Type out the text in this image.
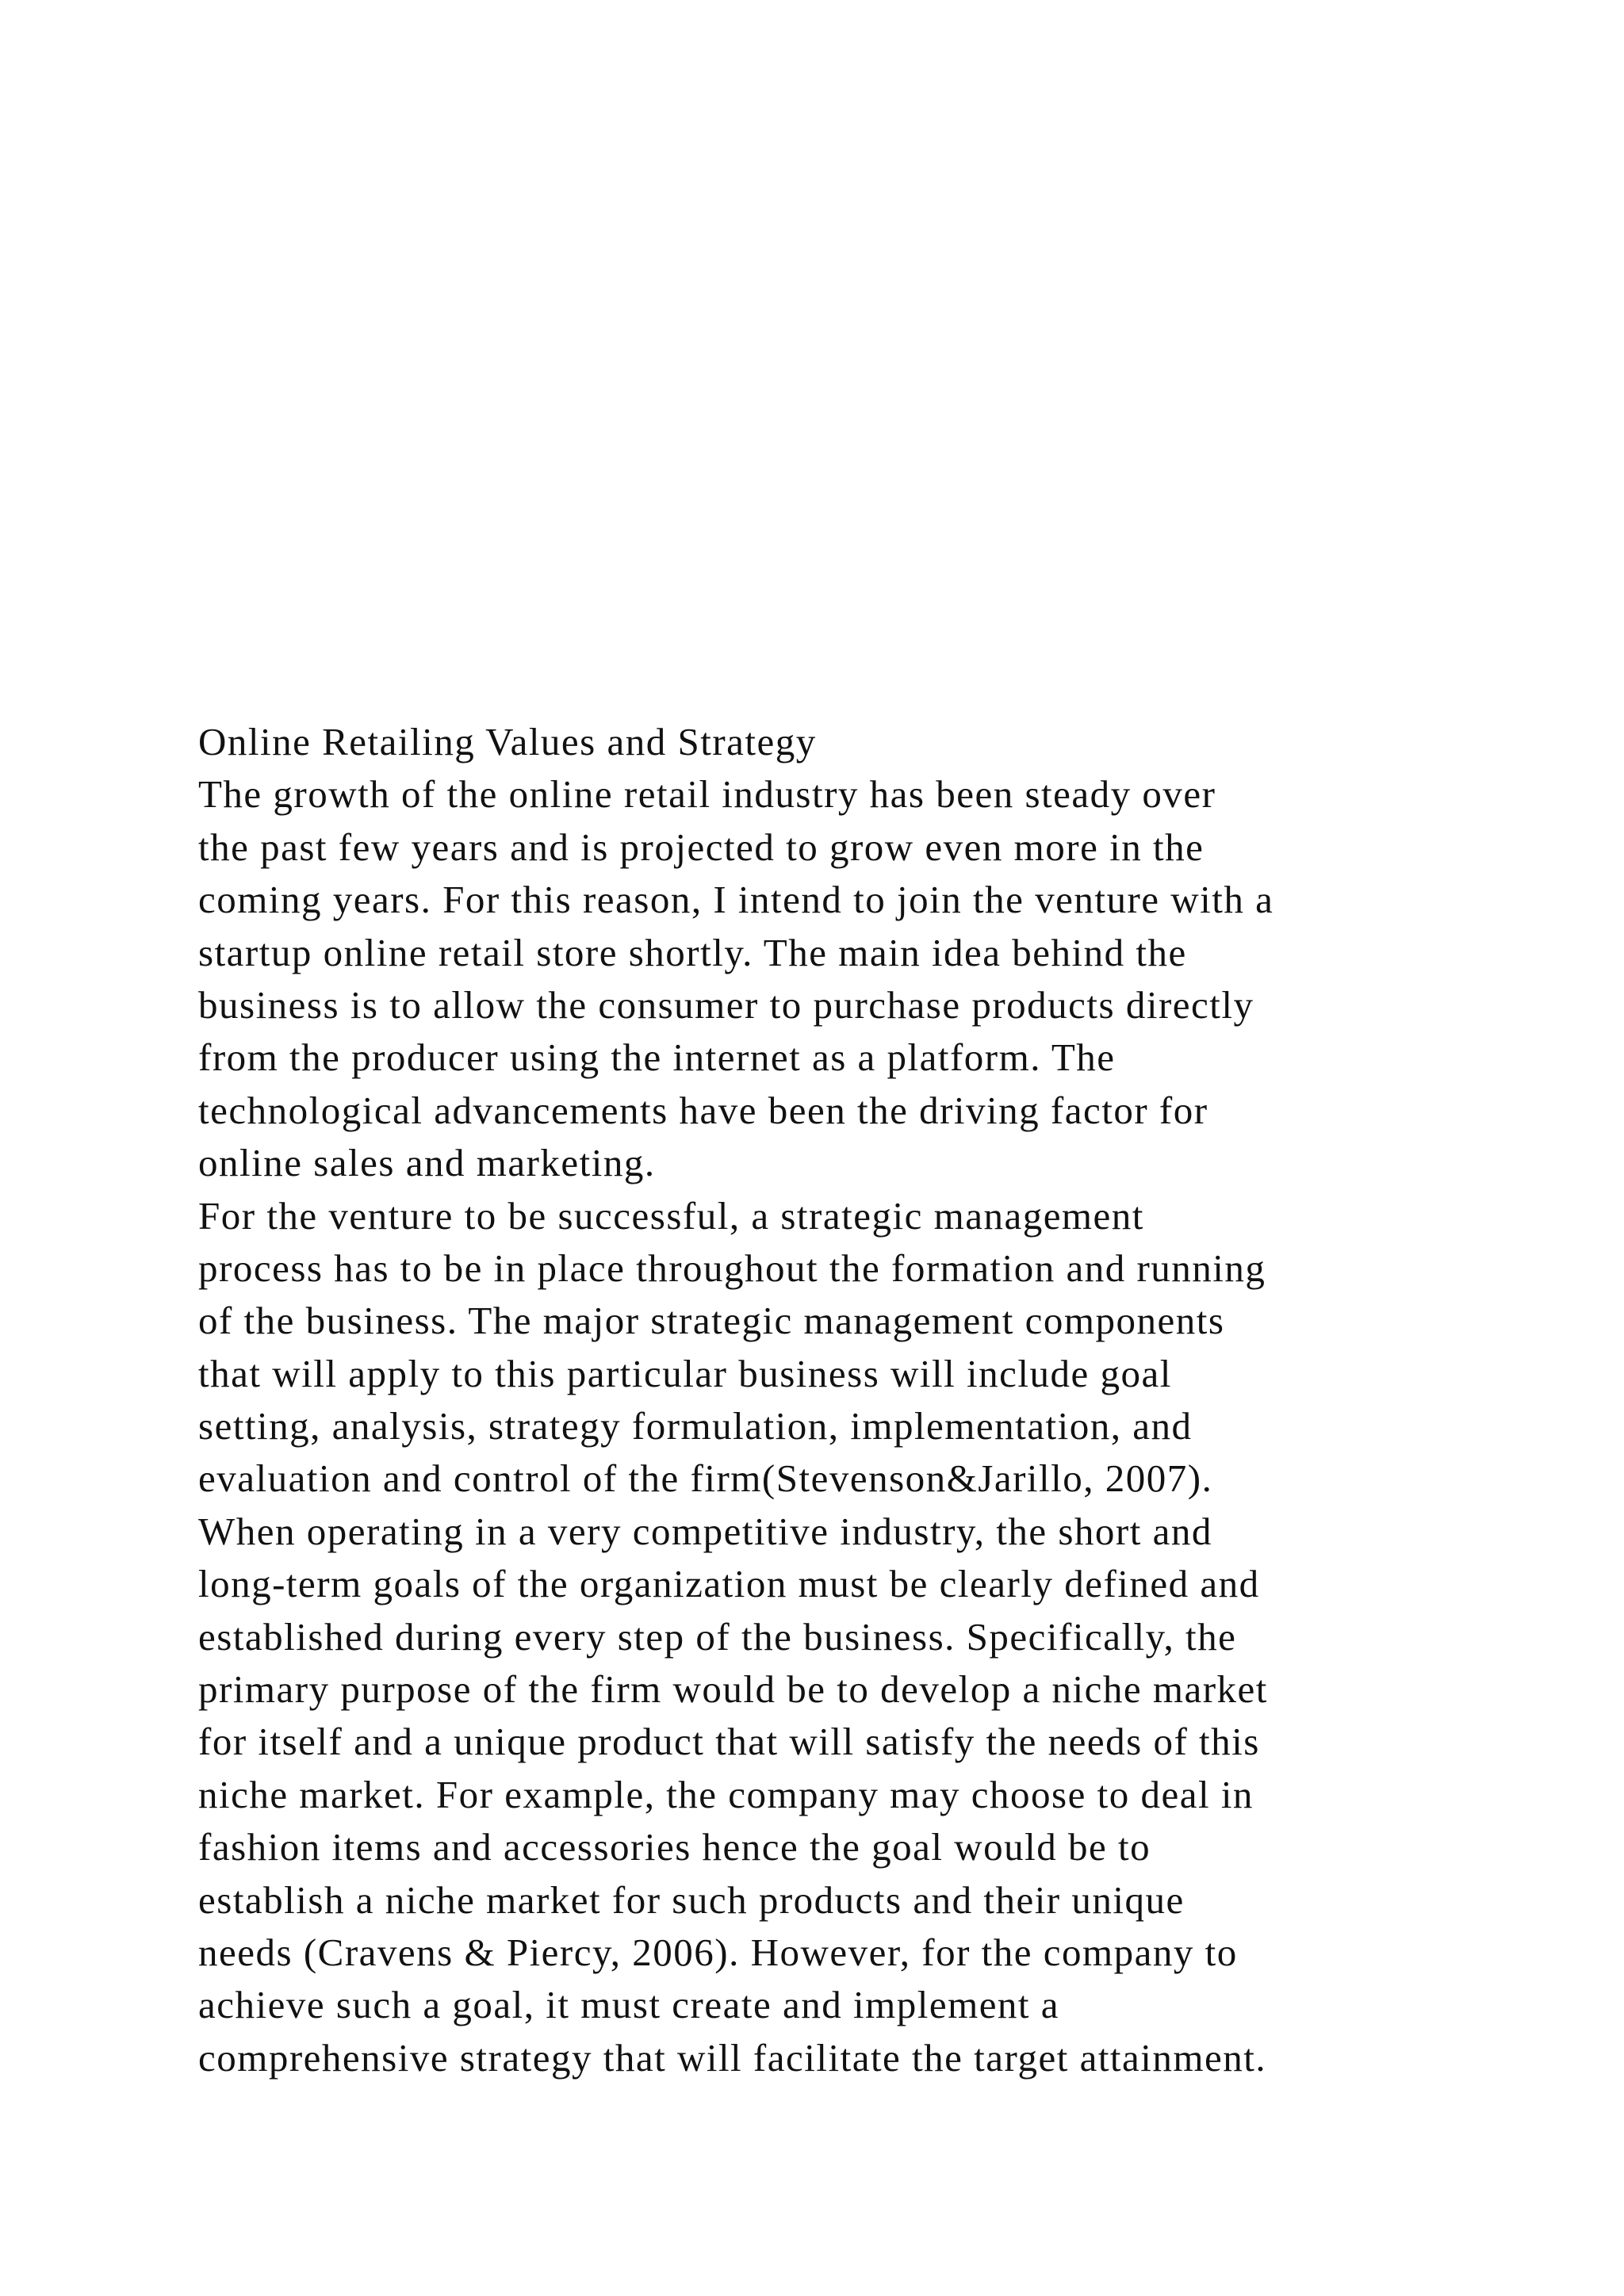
Online Retailing Values and Strategy
The growth of the online retail industry has been steady over
the past few years and is projected to grow even more in the
coming years. For this reason, I intend to join the venture with a
startup online retail store shortly. The main idea behind the
business is to allow the consumer to purchase products directly
from the producer using the internet as a platform. The
technological advancements have been the driving factor for
online sales and marketing.
For the venture to be successful, a strategic management
process has to be in place throughout the formation and running
of the business. The major strategic management components
that will apply to this particular business will include goal
setting, analysis, strategy formulation, implementation, and
evaluation and control of the firm(Stevenson&Jarillo, 2007).
When operating in a very competitive industry, the short and
long-term goals of the organization must be clearly defined and
established during every step of the business. Specifically, the
primary purpose of the firm would be to develop a niche market
for itself and a unique product that will satisfy the needs of this
niche market. For example, the company may choose to deal in
fashion items and accessories hence the goal would be to
establish a niche market for such products and their unique
needs (Cravens & Piercy, 2006). However, for the company to
achieve such a goal, it must create and implement a
comprehensive strategy that will facilitate the target attainment.
